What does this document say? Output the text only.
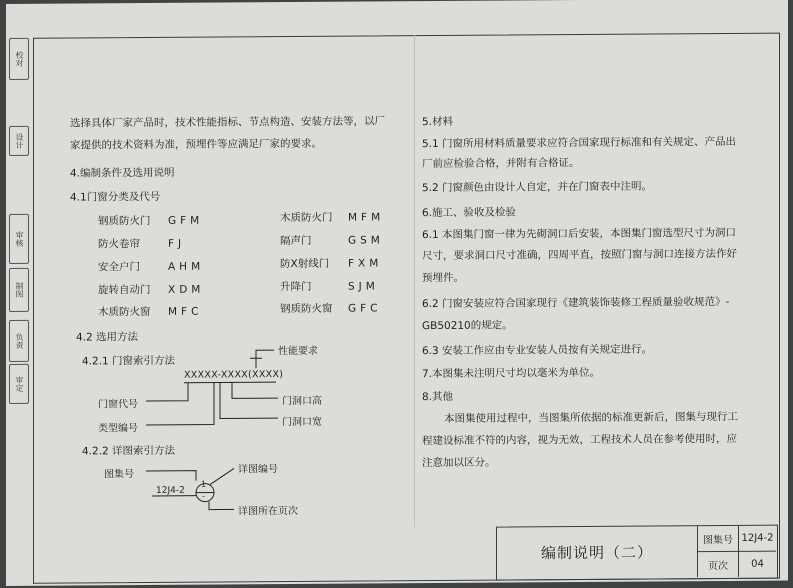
校对
设计
审核
制图
负责
审定
选择具体厂家产品时，技术性能指标、节点构造、安装方法等，以厂
家提供的技术资料为准，预埋件等应满足厂家的要求。
4.编制条件及选用说明
4.1门窗分类及代号
钢质防火门 GFM	木质防火门 MFM
防火卷帘	FJ	隔声门	GSM
安全户门	AHM	防X射线门 FXM
旋转自动门 XDM	升降门	SJM
木质防火窗 MFC	钢质防火窗 GFC
4.2 选用方法
4.2.1 门窗索引方法
XXXXX-XXXX(XXXX)
性能要求
门窗代号
类型编号
门洞口高
门洞口宽
4.2.2 详图索引方法
图集号
12J4-2
1
-
详图编号
详图所在页次
5.材料
5.1 门窗所用材料质量要求应符合国家现行标准和有关规定、产品出
厂前应检验合格，并附有合格证。
5.2 门窗颜色由设计人自定，并在门窗表中注明。
6.施工、验收及检验
6.1 本图集门窗一律为先砌洞口后安装，本图集门窗选型尺寸为洞口
尺寸，要求洞口尺寸准确，四周平直，按照门窗与洞口连接方法作好
预埋件。
6.2 门窗安装应符合国家现行《建筑装饰装修工程质量验收规范》-
GB50210的规定。
6.3 安装工作应由专业安装人员按有关规定进行。
7.本图集未注明尺寸均以毫米为单位。
8.其他
本图集使用过程中，当图集所依据的标准更新后，图集与现行工
程建设标准不符的内容，视为无效，工程技术人员在参考使用时，应
注意加以区分。
编制说明（二）
图集号 12J4-2
页次	04
